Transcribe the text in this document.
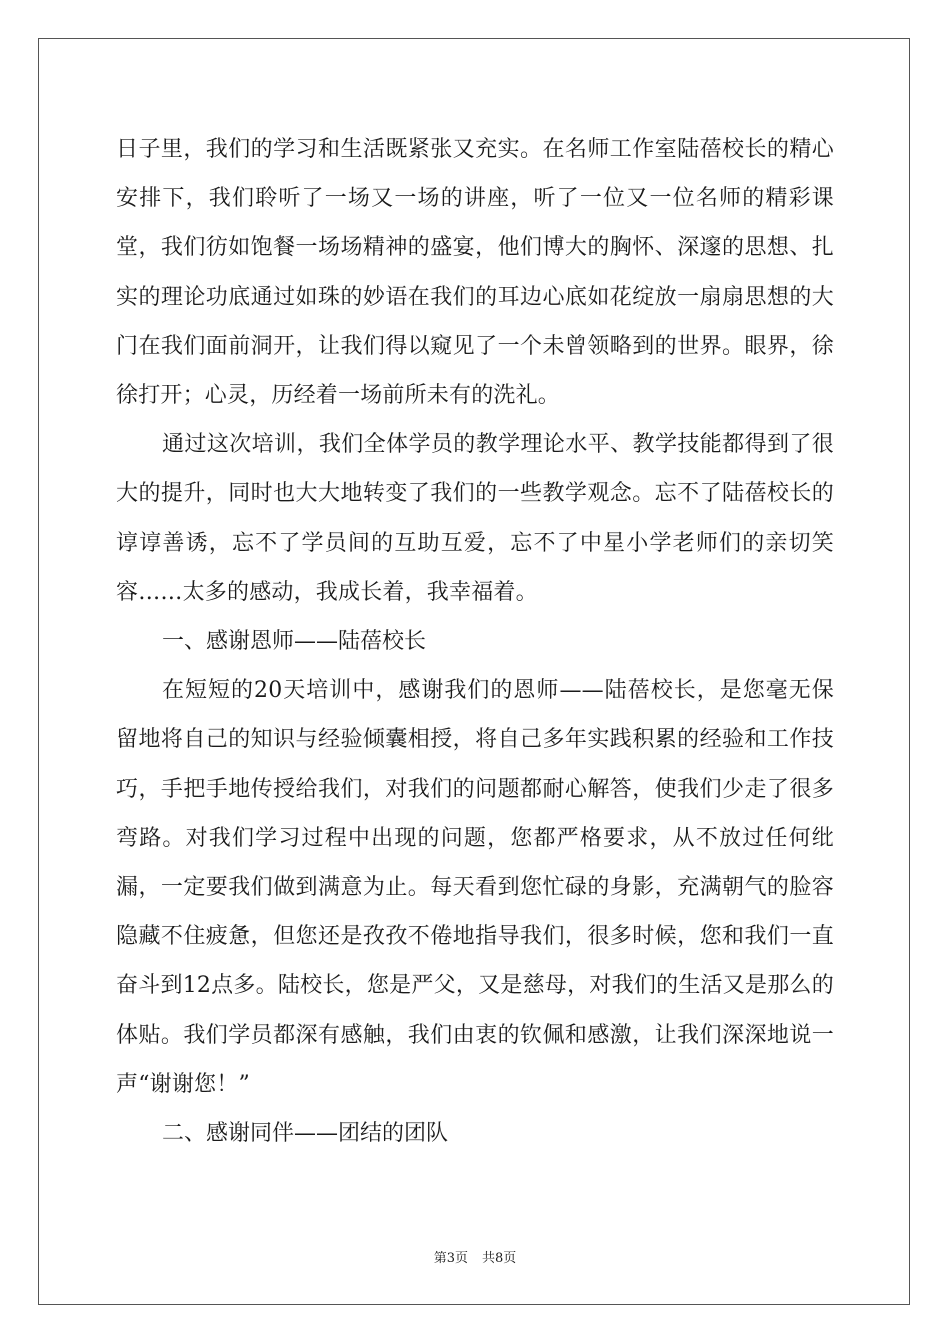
日子里，我们的学习和生活既紧张又充实。在名师工作室陆蓓校长的精心安排下，我们聆听了一场又一场的讲座，听了一位又一位名师的精彩课堂，我们彷如饱餐一场场精神的盛宴，他们博大的胸怀、深邃的思想、扎实的理论功底通过如珠的妙语在我们的耳边心底如花绽放一扇扇思想的大门在我们面前洞开，让我们得以窥见了一个未曾领略到的世界。眼界，徐徐打开；心灵，历经着一场前所未有的洗礼。

通过这次培训，我们全体学员的教学理论水平、教学技能都得到了很大的提升，同时也大大地转变了我们的一些教学观念。忘不了陆蓓校长的谆谆善诱，忘不了学员间的互助互爱，忘不了中星小学老师们的亲切笑容……太多的感动，我成长着，我幸福着。

一、感谢恩师——陆蓓校长

在短短的20天培训中，感谢我们的恩师——陆蓓校长，是您毫无保留地将自己的知识与经验倾囊相授，将自己多年实践积累的经验和工作技巧，手把手地传授给我们，对我们的问题都耐心解答，使我们少走了很多弯路。对我们学习过程中出现的问题，您都严格要求，从不放过任何纰漏，一定要我们做到满意为止。每天看到您忙碌的身影，充满朝气的脸容隐藏不住疲惫，但您还是孜孜不倦地指导我们，很多时候，您和我们一直奋斗到12点多。陆校长，您是严父，又是慈母，对我们的生活又是那么的体贴。我们学员都深有感触，我们由衷的钦佩和感激，让我们深深地说一声“谢谢您！”

二、感谢同伴——团结的团队

第3页 共8页
